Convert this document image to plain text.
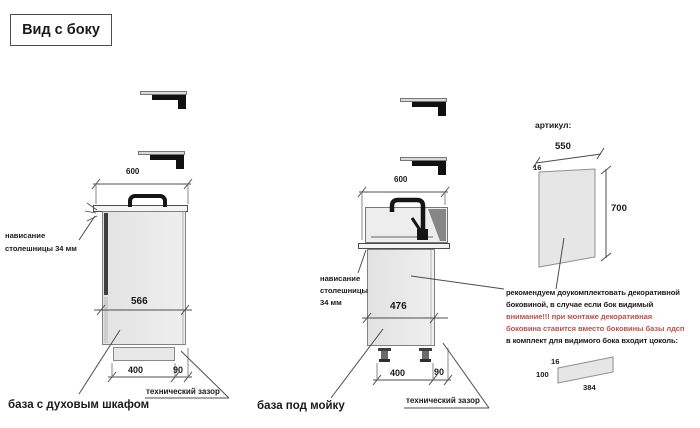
Вид с боку
600
566
400	90
технический зазор
нависание
столешницы 34 мм
база с духовым шкафом
600
476
400	90
технический зазор
нависание
столешницы
34 мм
база под мойку
артикул:
550
16
700
рекомендуем доукомплектовать декоративной
боковиной, в случае если бок видимый
внимание!!! при монтаже декоративная
боковина ставится вместо боковины базы лдсп
в комплект для видимого бока входит цоколь:
16
100
384
